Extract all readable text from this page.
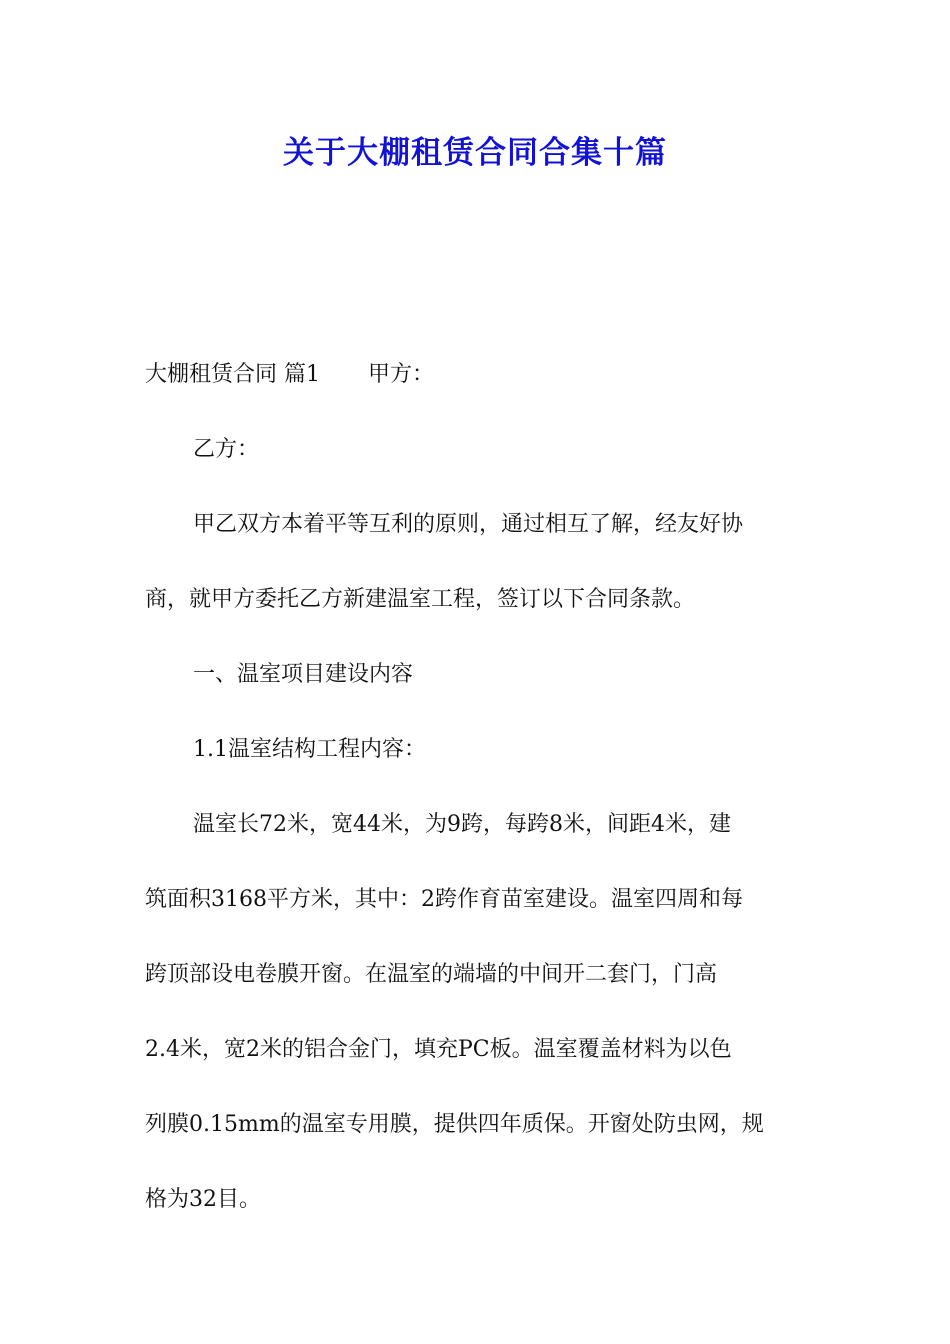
关于大棚租赁合同合集十篇

大棚租赁合同 篇1 甲方：

乙方：

甲乙双方本着平等互利的原则，通过相互了解，经友好协

商，就甲方委托乙方新建温室工程，签订以下合同条款。

一、温室项目建设内容

1.1温室结构工程内容：

温室长72米，宽44米，为9跨，每跨8米，间距4米，建

筑面积3168平方米，其中：2跨作育苗室建设。温室四周和每

跨顶部设电卷膜开窗。在温室的端墙的中间开二套门，门高

2.4米，宽2米的铝合金门，填充PC板。温室覆盖材料为以色

列膜0.15mm的温室专用膜，提供四年质保。开窗处防虫网，规

格为32目。
